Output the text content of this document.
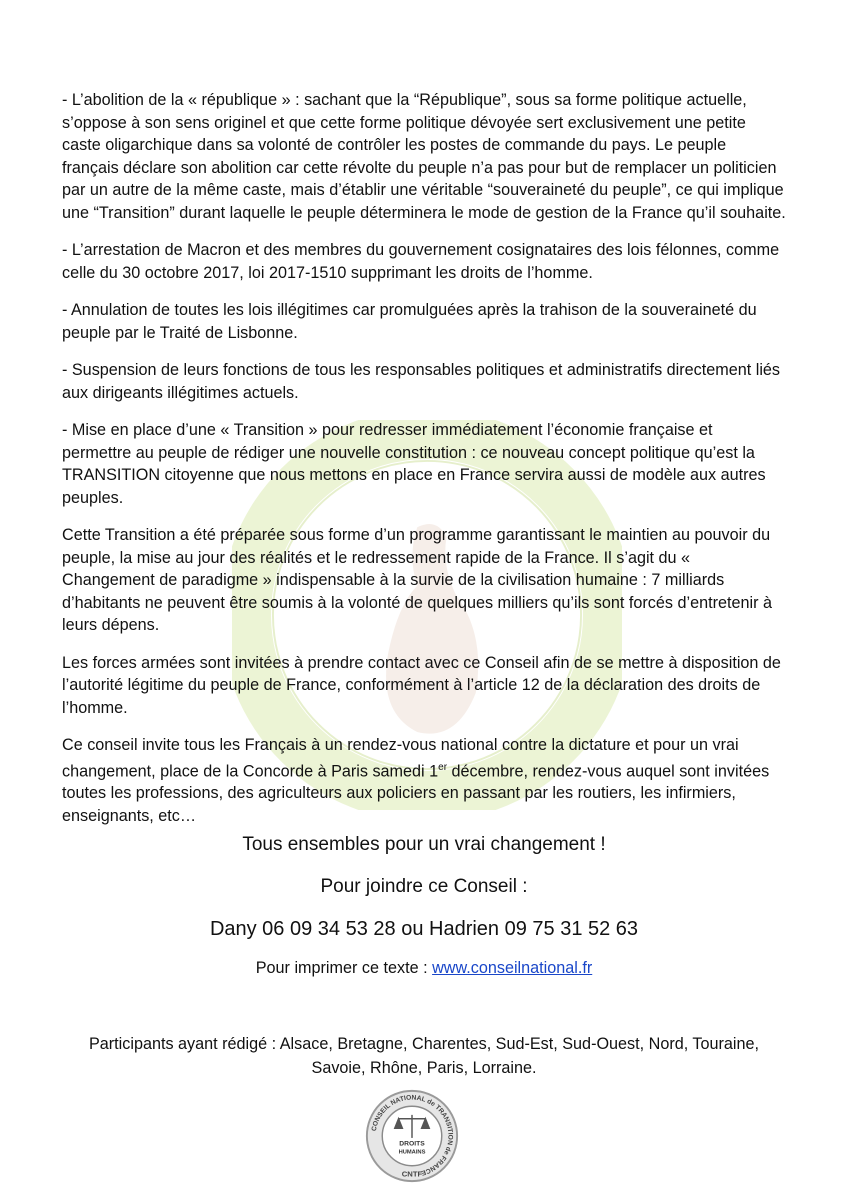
- L’abolition de la « république » : sachant que la “République”, sous sa forme politique actuelle, s’oppose à son sens originel et que cette forme politique dévoyée sert exclusivement une petite caste oligarchique dans sa volonté de contrôler les postes de commande du pays. Le peuple français déclare son abolition car cette révolte du peuple n’a pas pour but de remplacer un politicien par un autre de la même caste, mais d’établir une véritable “souveraineté du peuple”, ce qui implique une “Transition” durant laquelle le peuple déterminera le mode de gestion de la France qu’il souhaite.

- L’arrestation de Macron et des membres du gouvernement cosignataires des lois félonnes, comme celle du 30 octobre 2017, loi 2017-1510 supprimant les droits de l’homme.

- Annulation de toutes les lois illégitimes car promulguées après la trahison de la souveraineté du peuple par le Traité de Lisbonne.

- Suspension de leurs fonctions de tous les responsables politiques et administratifs directement liés aux dirigeants illégitimes actuels.

- Mise en place d’une « Transition » pour redresser immédiatement l’économie française et permettre au peuple de rédiger une nouvelle constitution : ce nouveau concept politique qu’est la TRANSITION citoyenne que nous mettons en place en France servira aussi de modèle aux autres peuples.

Cette Transition a été préparée sous forme d’un programme garantissant le maintien au pouvoir du peuple, la mise au jour des réalités et le redressement rapide de la France. Il s’agit du « Changement de paradigme » indispensable à la survie de la civilisation humaine : 7 milliards d’habitants ne peuvent être soumis à la volonté de quelques milliers qu’ils sont forcés d’entretenir à leurs dépens.

Les forces armées sont invitées à prendre contact avec ce Conseil afin de se mettre à disposition de l’autorité légitime du peuple de France, conformément à l’article 12 de la déclaration des droits de l’homme.

Ce conseil invite tous les Français à un rendez-vous national contre la dictature et pour un vrai changement, place de la Concorde à Paris samedi 1er décembre, rendez-vous auquel sont invitées toutes les professions, des agriculteurs aux policiers en passant par les routiers, les infirmiers, enseignants, etc…

Tous ensembles pour un vrai changement !

Pour joindre ce Conseil :

Dany 06 09 34 53 28 ou Hadrien 09 75 31 52 63

Pour imprimer ce texte : www.conseilnational.fr

Participants ayant rédigé : Alsace, Bretagne, Charentes, Sud-Est, Sud-Ouest, Nord, Touraine, Savoie, Rhône, Paris, Lorraine.

CONSEIL NATIONAL de TRANSITION de FRANCE
DROITS
HUMAINS
CNTF
